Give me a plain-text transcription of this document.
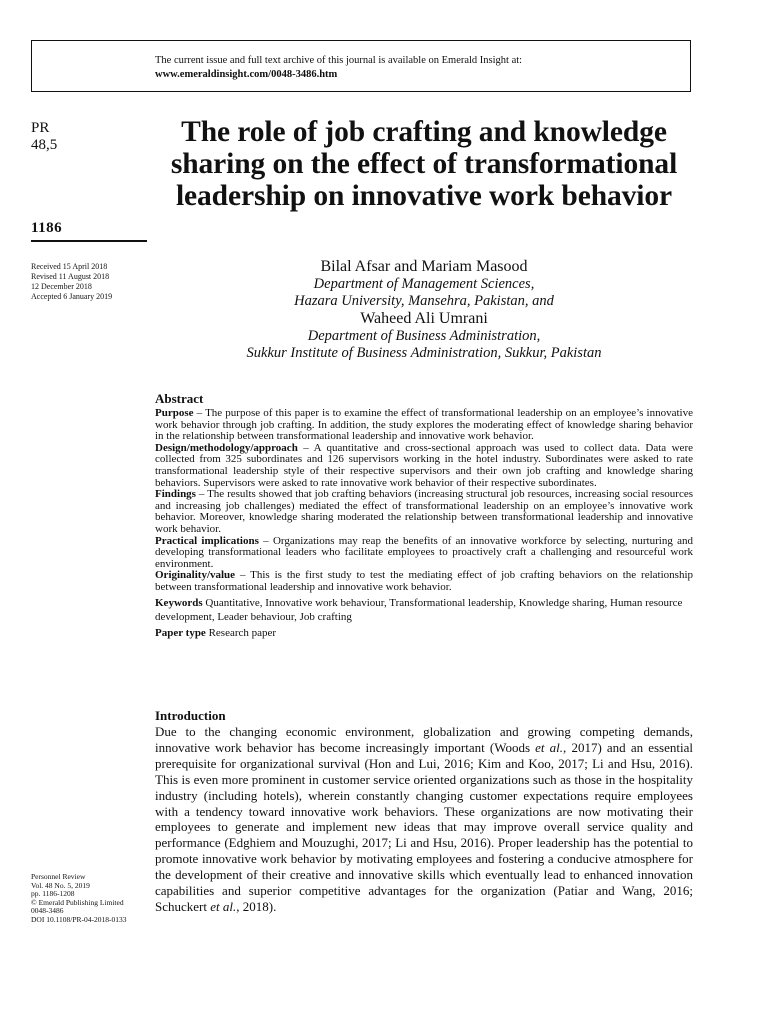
The current issue and full text archive of this journal is available on Emerald Insight at:
www.emeraldinsight.com/0048-3486.htm
PR
48,5
1186
Received 15 April 2018
Revised 11 August 2018
12 December 2018
Accepted 6 January 2019
Personnel Review
Vol. 48 No. 5, 2019
pp. 1186-1208
© Emerald Publishing Limited
0048-3486
DOI 10.1108/PR-04-2018-0133
The role of job crafting and knowledge sharing on the effect of transformational leadership on innovative work behavior
Bilal Afsar and Mariam Masood
Department of Management Sciences,
Hazara University, Mansehra, Pakistan, and
Waheed Ali Umrani
Department of Business Administration,
Sukkur Institute of Business Administration, Sukkur, Pakistan
Abstract

Purpose – The purpose of this paper is to examine the effect of transformational leadership on an employee’s innovative work behavior through job crafting. In addition, the study explores the moderating effect of knowledge sharing behavior in the relationship between transformational leadership and innovative work behavior.

Design/methodology/approach – A quantitative and cross-sectional approach was used to collect data. Data were collected from 325 subordinates and 126 supervisors working in the hotel industry. Subordinates were asked to rate transformational leadership style of their respective supervisors and their own job crafting and knowledge sharing behaviors. Supervisors were asked to rate innovative work behavior of their respective subordinates.

Findings – The results showed that job crafting behaviors (increasing structural job resources, increasing social resources and increasing job challenges) mediated the effect of transformational leadership on an employee’s innovative work behavior. Moreover, knowledge sharing moderated the relationship between transformational leadership and innovative work behavior.

Practical implications – Organizations may reap the benefits of an innovative workforce by selecting, nurturing and developing transformational leaders who facilitate employees to proactively craft a challenging and resourceful work environment.

Originality/value – This is the first study to test the mediating effect of job crafting behaviors on the relationship between transformational leadership and innovative work behavior.

Keywords Quantitative, Innovative work behaviour, Transformational leadership, Knowledge sharing, Human resource development, Leader behaviour, Job crafting
Paper type Research paper
Introduction

Due to the changing economic environment, globalization and growing competing demands, innovative work behavior has become increasingly important (Woods et al., 2017) and an essential prerequisite for organizational survival (Hon and Lui, 2016; Kim and Koo, 2017; Li and Hsu, 2016). This is even more prominent in customer service oriented organizations such as those in the hospitality industry (including hotels), wherein constantly changing customer expectations require employees with a tendency toward innovative work behaviors. These organizations are now motivating their employees to generate and implement new ideas that may improve overall service quality and performance (Edghiem and Mouzughi, 2017; Li and Hsu, 2016). Proper leadership has the potential to promote innovative work behavior by motivating employees and fostering a conducive atmosphere for the development of their creative and innovative skills which eventually lead to enhanced innovation capabilities and superior competitive advantages for the organization (Patiar and Wang, 2016; Schuckert et al., 2018).
